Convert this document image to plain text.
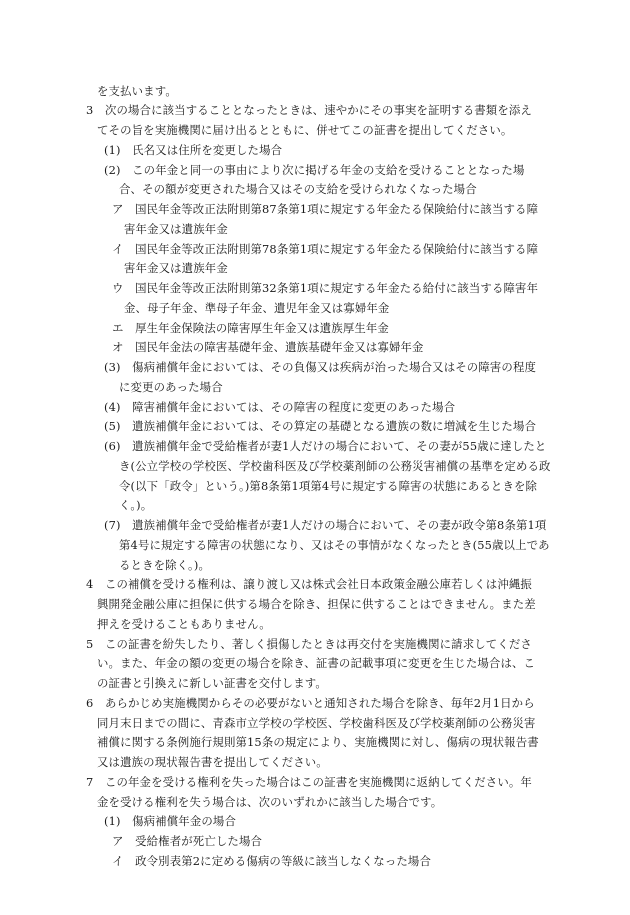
を支払います。

3　次の場合に該当することとなったときは、速やかにその事実を証明する書類を添え

てその旨を実施機関に届け出るとともに、併せてこの証書を提出してください。

(1)　氏名又は住所を変更した場合

(2)　この年金と同一の事由により次に掲げる年金の支給を受けることとなった場

合、その額が変更された場合又はその支給を受けられなくなった場合

ア　国民年金等改正法附則第87条第1項に規定する年金たる保険給付に該当する障

害年金又は遺族年金

イ　国民年金等改正法附則第78条第1項に規定する年金たる保険給付に該当する障

害年金又は遺族年金

ウ　国民年金等改正法附則第32条第1項に規定する年金たる給付に該当する障害年

金、母子年金、準母子年金、遺児年金又は寡婦年金

エ　厚生年金保険法の障害厚生年金又は遺族厚生年金

オ　国民年金法の障害基礎年金、遺族基礎年金又は寡婦年金

(3)　傷病補償年金においては、その負傷又は疾病が治った場合又はその障害の程度

に変更のあった場合

(4)　障害補償年金においては、その障害の程度に変更のあった場合

(5)　遺族補償年金においては、その算定の基礎となる遺族の数に増減を生じた場合

(6)　遺族補償年金で受給権者が妻1人だけの場合において、その妻が55歳に達したと

き(公立学校の学校医、学校歯科医及び学校薬剤師の公務災害補償の基準を定める政

令(以下「政令」という。)第8条第1項第4号に規定する障害の状態にあるときを除

く。)。

(7)　遺族補償年金で受給権者が妻1人だけの場合において、その妻が政令第8条第1項

第4号に規定する障害の状態になり、又はその事情がなくなったとき(55歳以上であ

るときを除く。)。

4　この補償を受ける権利は、譲り渡し又は株式会社日本政策金融公庫若しくは沖縄振

興開発金融公庫に担保に供する場合を除き、担保に供することはできません。また差

押えを受けることもありません。

5　この証書を紛失したり、著しく損傷したときは再交付を実施機関に請求してくださ

い。また、年金の額の変更の場合を除き、証書の記載事項に変更を生じた場合は、こ

の証書と引換えに新しい証書を交付します。

6　あらかじめ実施機関からその必要がないと通知された場合を除き、毎年2月1日から

同月末日までの間に、青森市立学校の学校医、学校歯科医及び学校薬剤師の公務災害

補償に関する条例施行規則第15条の規定により、実施機関に対し、傷病の現状報告書

又は遺族の現状報告書を提出してください。

7　この年金を受ける権利を失った場合はこの証書を実施機関に返納してください。年

金を受ける権利を失う場合は、次のいずれかに該当した場合です。

(1)　傷病補償年金の場合

ア　受給権者が死亡した場合

イ　政令別表第2に定める傷病の等級に該当しなくなった場合
